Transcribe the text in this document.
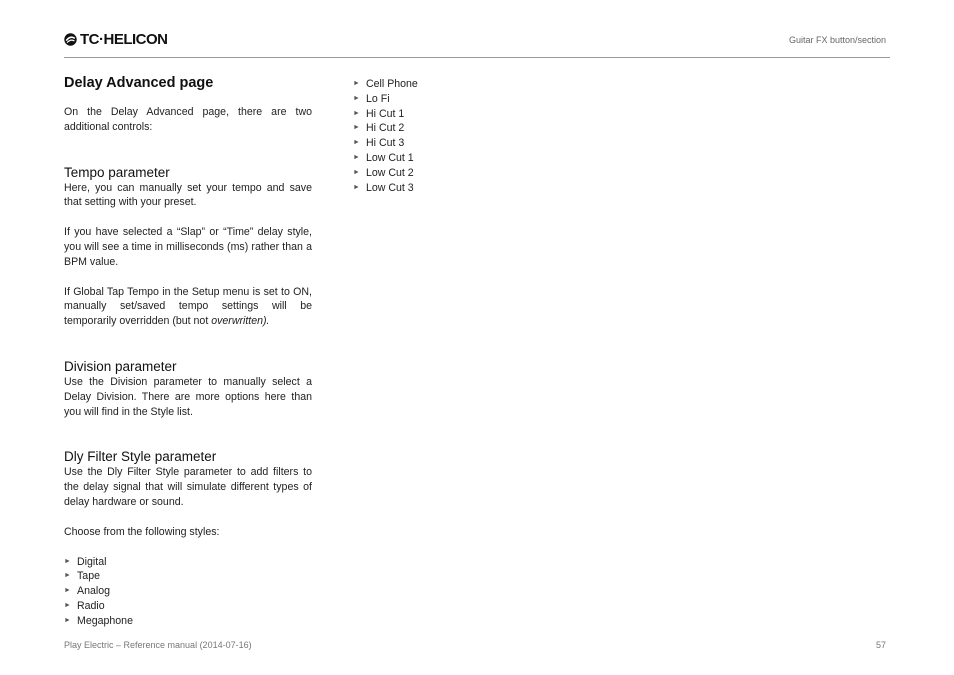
TC·HELICON	Guitar FX button/section
Delay Advanced page

On the Delay Advanced page, there are two additional controls:

Tempo parameter

Here, you can manually set your tempo and save that setting with your preset.

If you have selected a “Slap” or “Time” delay style, you will see a time in milliseconds (ms) rather than a BPM value.

If Global Tap Tempo in the Setup menu is set to ON, manually set/saved tempo settings will be temporarily overridden (but not overwritten).

Division parameter

Use the Division parameter to manually select a Delay Division. There are more options here than you will find in the Style list.

Dly Filter Style parameter

Use the Dly Filter Style parameter to add filters to the delay signal that will simulate different types of delay hardware or sound.

Choose from the following styles:

► Digital
► Tape
► Analog
► Radio
► Megaphone
► Cell Phone
► Lo Fi
► Hi Cut 1
► Hi Cut 2
► Hi Cut 3
► Low Cut 1
► Low Cut 2
► Low Cut 3
Play Electric – Reference manual (2014-07-16)	57
